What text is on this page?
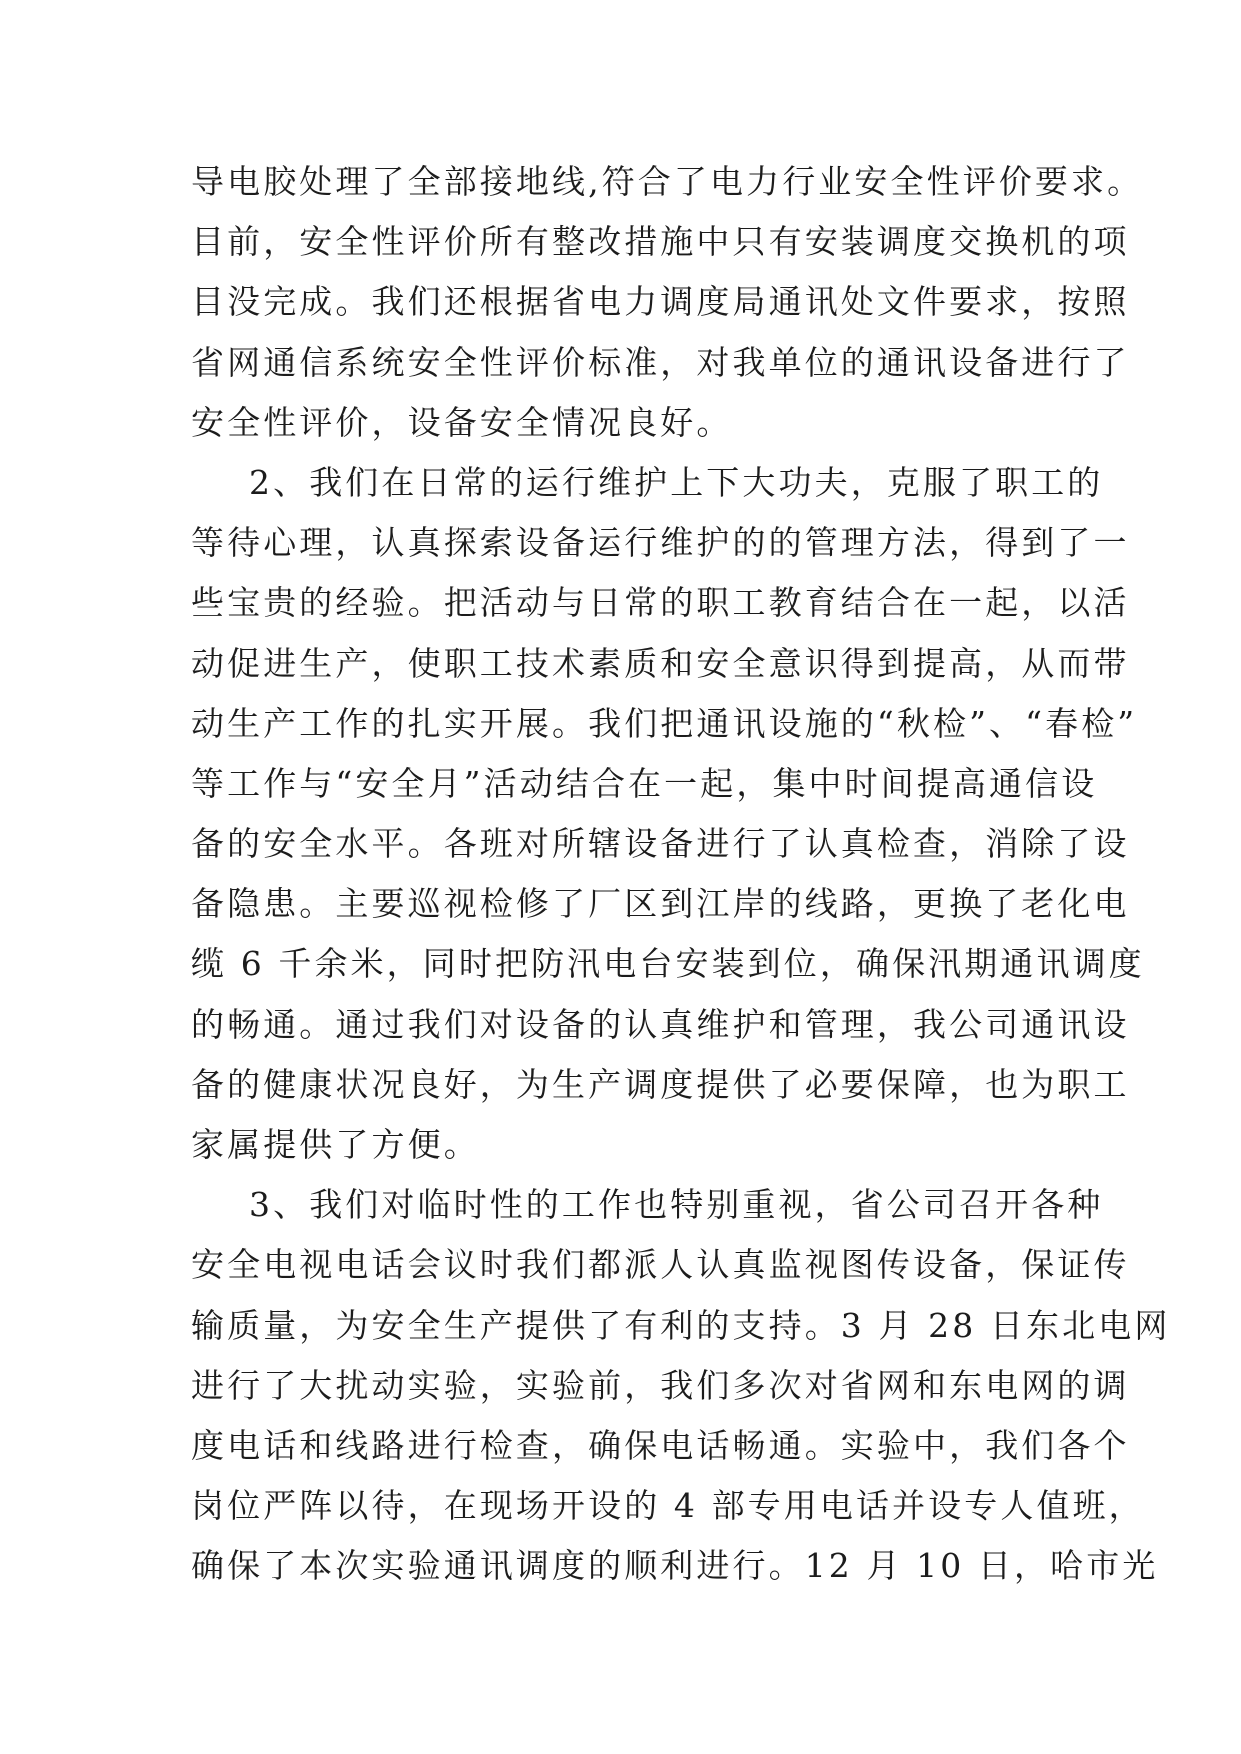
导电胶处理了全部接地线,符合了电力行业安全性评价要求。
目前，安全性评价所有整改措施中只有安装调度交换机的项
目没完成。我们还根据省电力调度局通讯处文件要求，按照
省网通信系统安全性评价标准，对我单位的通讯设备进行了
安全性评价，设备安全情况良好。
2、我们在日常的运行维护上下大功夫，克服了职工的
等待心理，认真探索设备运行维护的的管理方法，得到了一
些宝贵的经验。把活动与日常的职工教育结合在一起，以活
动促进生产，使职工技术素质和安全意识得到提高，从而带
动生产工作的扎实开展。我们把通讯设施的“秋检”、“春检”
等工作与“安全月”活动结合在一起，集中时间提高通信设
备的安全水平。各班对所辖设备进行了认真检查，消除了设
备隐患。主要巡视检修了厂区到江岸的线路，更换了老化电
缆 6 千余米，同时把防汛电台安装到位，确保汛期通讯调度
的畅通。通过我们对设备的认真维护和管理，我公司通讯设
备的健康状况良好，为生产调度提供了必要保障，也为职工
家属提供了方便。
3、我们对临时性的工作也特别重视，省公司召开各种
安全电视电话会议时我们都派人认真监视图传设备，保证传
输质量，为安全生产提供了有利的支持。3 月 28 日东北电网
进行了大扰动实验，实验前，我们多次对省网和东电网的调
度电话和线路进行检查，确保电话畅通。实验中，我们各个
岗位严阵以待，在现场开设的 4 部专用电话并设专人值班，
确保了本次实验通讯调度的顺利进行。12 月 10 日，哈市光
